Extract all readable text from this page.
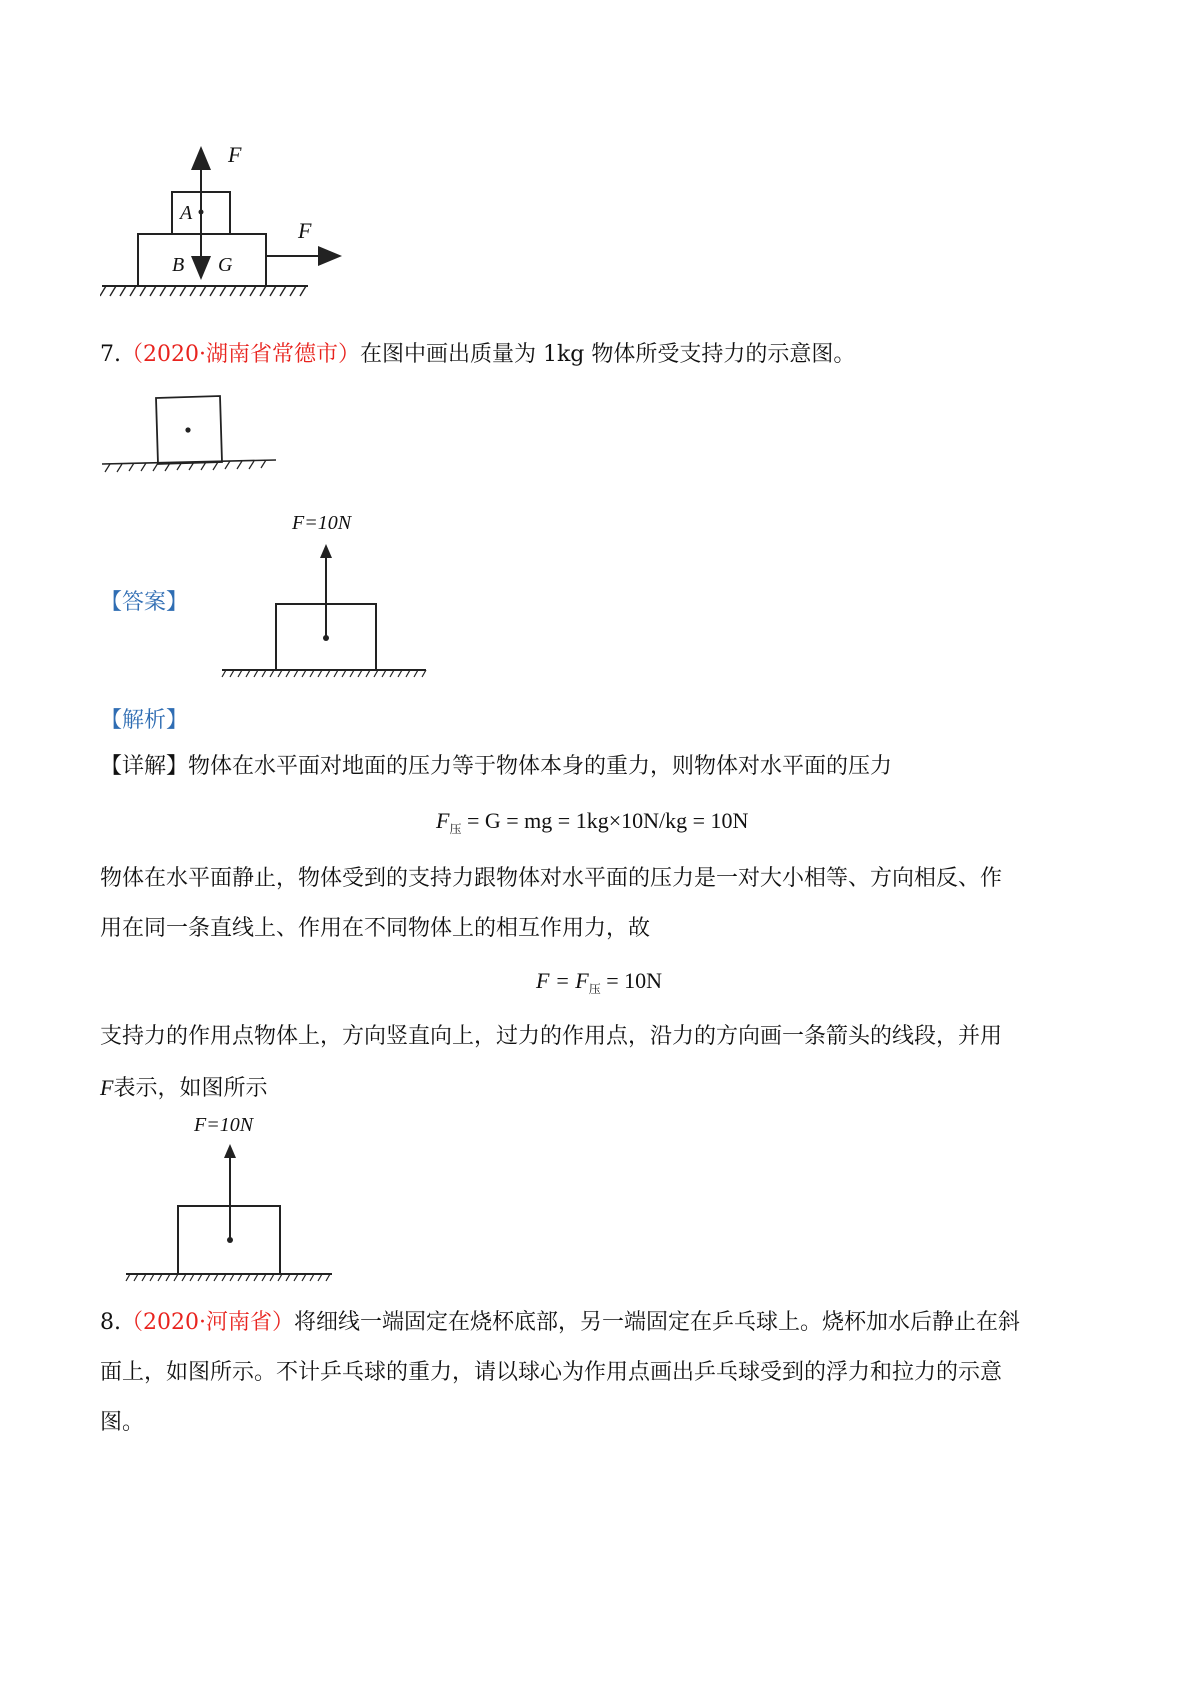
F
A
B G
F
7.（2020·湖南省常德市）在图中画出质量为 1kg 物体所受支持力的示意图。
【答案】
F=10N
【解析】
【详解】物体在水平面对地面的压力等于物体本身的重力，则物体对水平面的压力
$F_压 = G$ = mg = 1kg×10N/kg = 10N
物体在水平面静止，物体受到的支持力跟物体对水平面的压力是一对大小相等、方向相反、作
用在同一条直线上、作用在不同物体上的相互作用力，故
$F = F_压 = 10N$
支持力的作用点物体上，方向竖直向上，过力的作用点，沿力的方向画一条箭头的线段，并用
F表示，如图所示
F=10N
8.（2020·河南省）将细线一端固定在烧杯底部，另一端固定在乒乓球上。烧杯加水后静止在斜
面上，如图所示。不计乒乓球的重力，请以球心为作用点画出乒乓球受到的浮力和拉力的示意
图。
